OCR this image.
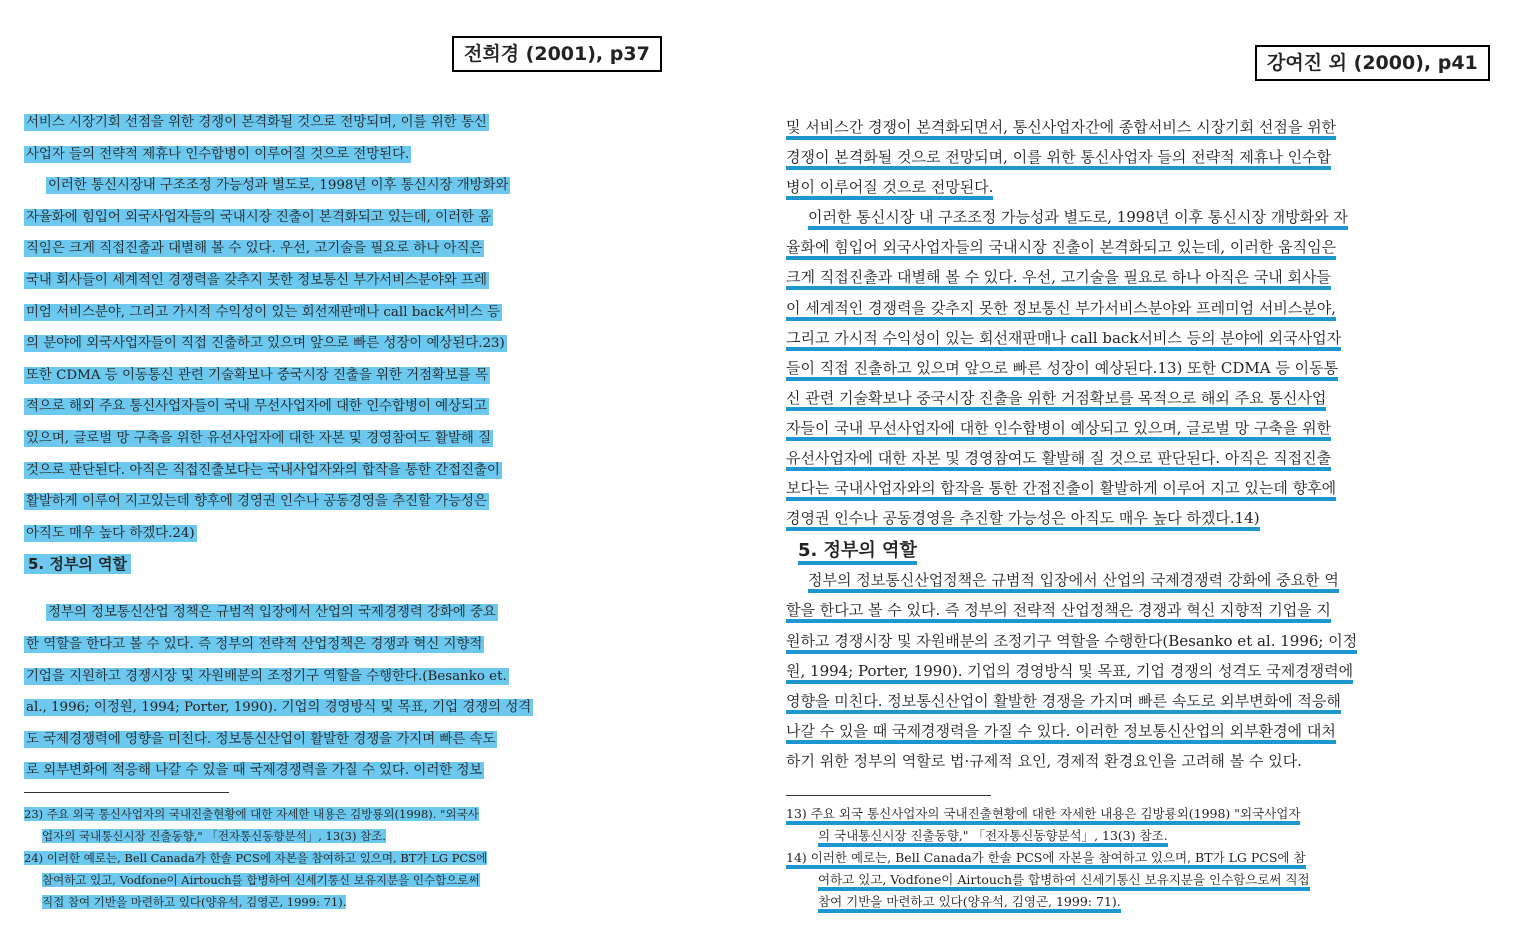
전희경 (2001), p37	강여진 외 (2000), p41
서비스 시장기회 선점을 위한 경쟁이 본격화될 것으로 전망되며, 이를 위한 통신
사업자 들의 전략적 제휴나 인수합병이 이루어질 것으로 전망된다.
이러한 통신시장내 구조조정 가능성과 별도로, 1998년 이후 통신시장 개방화와
자율화에 힘입어 외국사업자들의 국내시장 진출이 본격화되고 있는데, 이러한 움
직임은 크게 직접진출과 대별해 볼 수 있다. 우선, 고기술을 필요로 하나 아직은
국내 회사들이 세계적인 경쟁력을 갖추지 못한 정보통신 부가서비스분야와 프레
미엄 서비스분야, 그리고 가시적 수익성이 있는 회선재판매나 call back서비스 등
의 분야에 외국사업자들이 직접 진출하고 있으며 앞으로 빠른 성장이 예상된다.23)
또한 CDMA 등 이동통신 관련 기술확보나 중국시장 진출을 위한 거점확보를 목
적으로 해외 주요 통신사업자들이 국내 무선사업자에 대한 인수합병이 예상되고
있으며, 글로벌 망 구축을 위한 유선사업자에 대한 자본 및 경영참여도 활발해 질
것으로 판단된다. 아직은 직접진출보다는 국내사업자와의 합작을 통한 간접진출이
활발하게 이루어 지고있는데 향후에 경영권 인수나 공동경영을 추진할 가능성은
아직도 매우 높다 하겠다.24)
5. 정부의 역할
정부의 정보통신산업 정책은 규범적 입장에서 산업의 국제경쟁력 강화에 중요
한 역할을 한다고 볼 수 있다. 즉 정부의 전략적 산업정책은 경쟁과 혁신 지향적
기업을 지원하고 경쟁시장 및 자원배분의 조정기구 역할을 수행한다.(Besanko et.
al., 1996; 이정원, 1994; Porter, 1990). 기업의 경영방식 및 목표, 기업 경쟁의 성격
도 국제경쟁력에 영향을 미친다. 정보통신산업이 활발한 경쟁을 가지며 빠른 속도
로 외부변화에 적응해 나갈 수 있을 때 국제경쟁력을 가질 수 있다. 이러한 정보
23) 주요 외국 통신사업자의 국내진출현황에 대한 자세한 내용은 김방룡외(1998). "외국사
업자의 국내통신시장 진출동향," 「전자통신동향분석」, 13(3) 참조.
24) 이러한 예로는, Bell Canada가 한솔 PCS에 자본을 참여하고 있으며, BT가 LG PCS에
참여하고 있고, Vodfone이 Airtouch를 합병하여 신세기통신 보유지분을 인수함으로써
직접 참여 기반을 마련하고 있다(양유석, 김영곤, 1999: 71).
및 서비스간 경쟁이 본격화되면서, 통신사업자간에 종합서비스 시장기회 선점을 위한
경쟁이 본격화될 것으로 전망되며, 이를 위한 통신사업자 들의 전략적 제휴나 인수합
병이 이루어질 것으로 전망된다.
이러한 통신시장 내 구조조정 가능성과 별도로, 1998년 이후 통신시장 개방화와 자
율화에 힘입어 외국사업자들의 국내시장 진출이 본격화되고 있는데, 이러한 움직임은
크게 직접진출과 대별해 볼 수 있다. 우선, 고기술을 필요로 하나 아직은 국내 회사들
이 세계적인 경쟁력을 갖추지 못한 정보통신 부가서비스분야와 프레미엄 서비스분야,
그리고 가시적 수익성이 있는 회선재판매나 call back서비스 등의 분야에 외국사업자
들이 직접 진출하고 있으며 앞으로 빠른 성장이 예상된다.13) 또한 CDMA 등 이동통
신 관련 기술확보나 중국시장 진출을 위한 거점확보를 목적으로 해외 주요 통신사업
자들이 국내 무선사업자에 대한 인수합병이 예상되고 있으며, 글로벌 망 구축을 위한
유선사업자에 대한 자본 및 경영참여도 활발해 질 것으로 판단된다. 아직은 직접진출
보다는 국내사업자와의 합작을 통한 간접진출이 활발하게 이루어 지고 있는데 향후에
경영권 인수나 공동경영을 추진할 가능성은 아직도 매우 높다 하겠다.14)
5. 정부의 역할
정부의 정보통신산업정책은 규범적 입장에서 산업의 국제경쟁력 강화에 중요한 역
할을 한다고 볼 수 있다. 즉 정부의 전략적 산업정책은 경쟁과 혁신 지향적 기업을 지
원하고 경쟁시장 및 자원배분의 조정기구 역할을 수행한다(Besanko et al. 1996; 이정
원, 1994; Porter, 1990). 기업의 경영방식 및 목표, 기업 경쟁의 성격도 국제경쟁력에
영향을 미친다. 정보통신산업이 활발한 경쟁을 가지며 빠른 속도로 외부변화에 적응해
나갈 수 있을 때 국제경쟁력을 가질 수 있다. 이러한 정보통신산업의 외부환경에 대처
하기 위한 정부의 역할로 법·규제적 요인, 경제적 환경요인을 고려해 볼 수 있다.
13) 주요 외국 통신사업자의 국내진출현황에 대한 자세한 내용은 김방룡외(1998) "외국사업자
의 국내통신시장 진출동향," 「전자통신동향분석」, 13(3) 참조.
14) 이러한 예로는, Bell Canada가 한솔 PCS에 자본을 참여하고 있으며, BT가 LG PCS에 참
여하고 있고, Vodfone이 Airtouch를 합병하여 신세기통신 보유지분을 인수함으로써 직접
참여 기반을 마련하고 있다(양유석, 김영곤, 1999: 71).
